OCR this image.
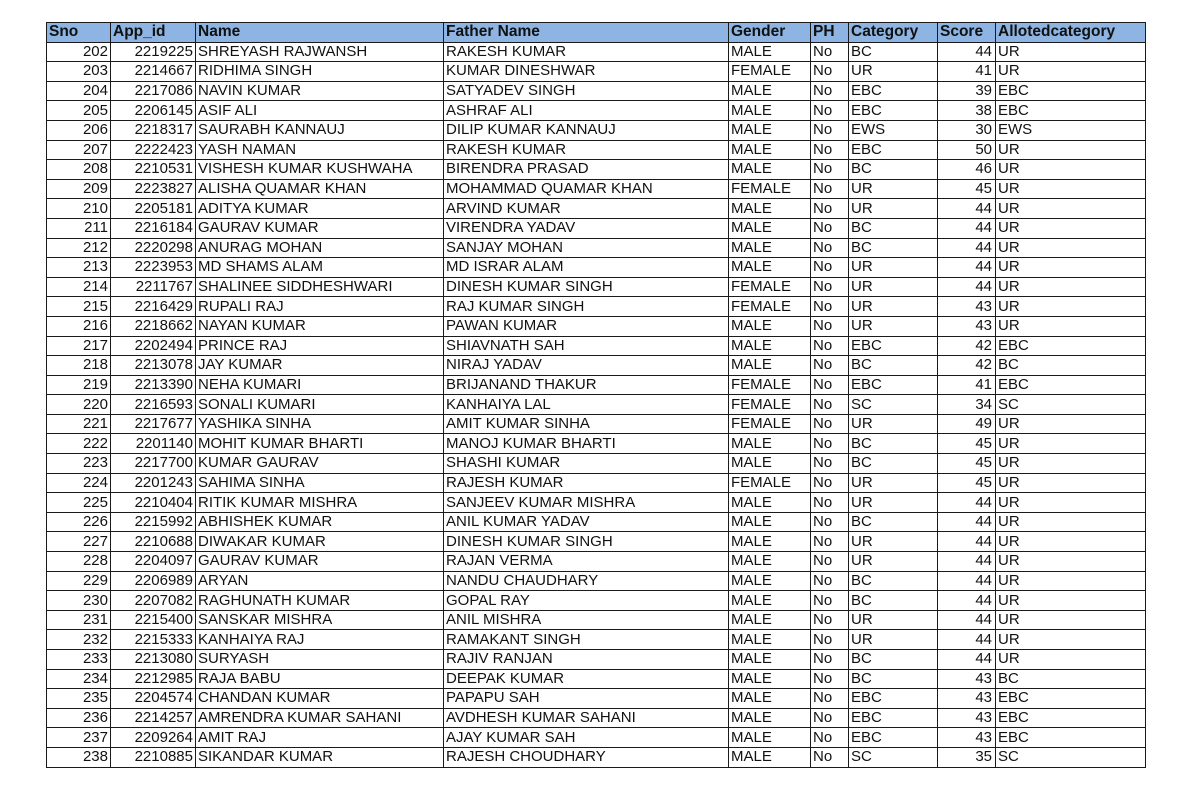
Sno	App_id	Name	Father Name	Gender	PH	Category	Score	Allotedcategory
202	2219225	SHREYASH RAJWANSH	RAKESH KUMAR	MALE	No	BC	44	UR
203	2214667	RIDHIMA SINGH	KUMAR DINESHWAR	FEMALE	No	UR	41	UR
204	2217086	NAVIN KUMAR	SATYADEV SINGH	MALE	No	EBC	39	EBC
205	2206145	ASIF ALI	ASHRAF ALI	MALE	No	EBC	38	EBC
206	2218317	SAURABH KANNAUJ	DILIP KUMAR KANNAUJ	MALE	No	EWS	30	EWS
207	2222423	YASH NAMAN	RAKESH KUMAR	MALE	No	EBC	50	UR
208	2210531	VISHESH KUMAR KUSHWAHA	BIRENDRA PRASAD	MALE	No	BC	46	UR
209	2223827	ALISHA QUAMAR KHAN	MOHAMMAD QUAMAR KHAN	FEMALE	No	UR	45	UR
210	2205181	ADITYA KUMAR	ARVIND KUMAR	MALE	No	UR	44	UR
211	2216184	GAURAV KUMAR	VIRENDRA YADAV	MALE	No	BC	44	UR
212	2220298	ANURAG MOHAN	SANJAY MOHAN	MALE	No	BC	44	UR
213	2223953	MD SHAMS ALAM	MD ISRAR ALAM	MALE	No	UR	44	UR
214	2211767	SHALINEE SIDDHESHWARI	DINESH KUMAR SINGH	FEMALE	No	UR	44	UR
215	2216429	RUPALI RAJ	RAJ KUMAR SINGH	FEMALE	No	UR	43	UR
216	2218662	NAYAN KUMAR	PAWAN KUMAR	MALE	No	UR	43	UR
217	2202494	PRINCE RAJ	SHIAVNATH SAH	MALE	No	EBC	42	EBC
218	2213078	JAY KUMAR	NIRAJ YADAV	MALE	No	BC	42	BC
219	2213390	NEHA KUMARI	BRIJANAND THAKUR	FEMALE	No	EBC	41	EBC
220	2216593	SONALI KUMARI	KANHAIYA LAL	FEMALE	No	SC	34	SC
221	2217677	YASHIKA SINHA	AMIT KUMAR SINHA	FEMALE	No	UR	49	UR
222	2201140	MOHIT KUMAR BHARTI	MANOJ KUMAR BHARTI	MALE	No	BC	45	UR
223	2217700	KUMAR GAURAV	SHASHI KUMAR	MALE	No	BC	45	UR
224	2201243	SAHIMA SINHA	RAJESH KUMAR	FEMALE	No	UR	45	UR
225	2210404	RITIK KUMAR MISHRA	SANJEEV KUMAR MISHRA	MALE	No	UR	44	UR
226	2215992	ABHISHEK KUMAR	ANIL KUMAR YADAV	MALE	No	BC	44	UR
227	2210688	DIWAKAR KUMAR	DINESH KUMAR SINGH	MALE	No	UR	44	UR
228	2204097	GAURAV KUMAR	RAJAN VERMA	MALE	No	UR	44	UR
229	2206989	ARYAN	NANDU CHAUDHARY	MALE	No	BC	44	UR
230	2207082	RAGHUNATH KUMAR	GOPAL RAY	MALE	No	BC	44	UR
231	2215400	SANSKAR MISHRA	ANIL MISHRA	MALE	No	UR	44	UR
232	2215333	KANHAIYA RAJ	RAMAKANT SINGH	MALE	No	UR	44	UR
233	2213080	SURYASH	RAJIV RANJAN	MALE	No	BC	44	UR
234	2212985	RAJA BABU	DEEPAK KUMAR	MALE	No	BC	43	BC
235	2204574	CHANDAN KUMAR	PAPAPU SAH	MALE	No	EBC	43	EBC
236	2214257	AMRENDRA KUMAR SAHANI	AVDHESH KUMAR SAHANI	MALE	No	EBC	43	EBC
237	2209264	AMIT RAJ	AJAY KUMAR SAH	MALE	No	EBC	43	EBC
238	2210885	SIKANDAR KUMAR	RAJESH CHOUDHARY	MALE	No	SC	35	SC
